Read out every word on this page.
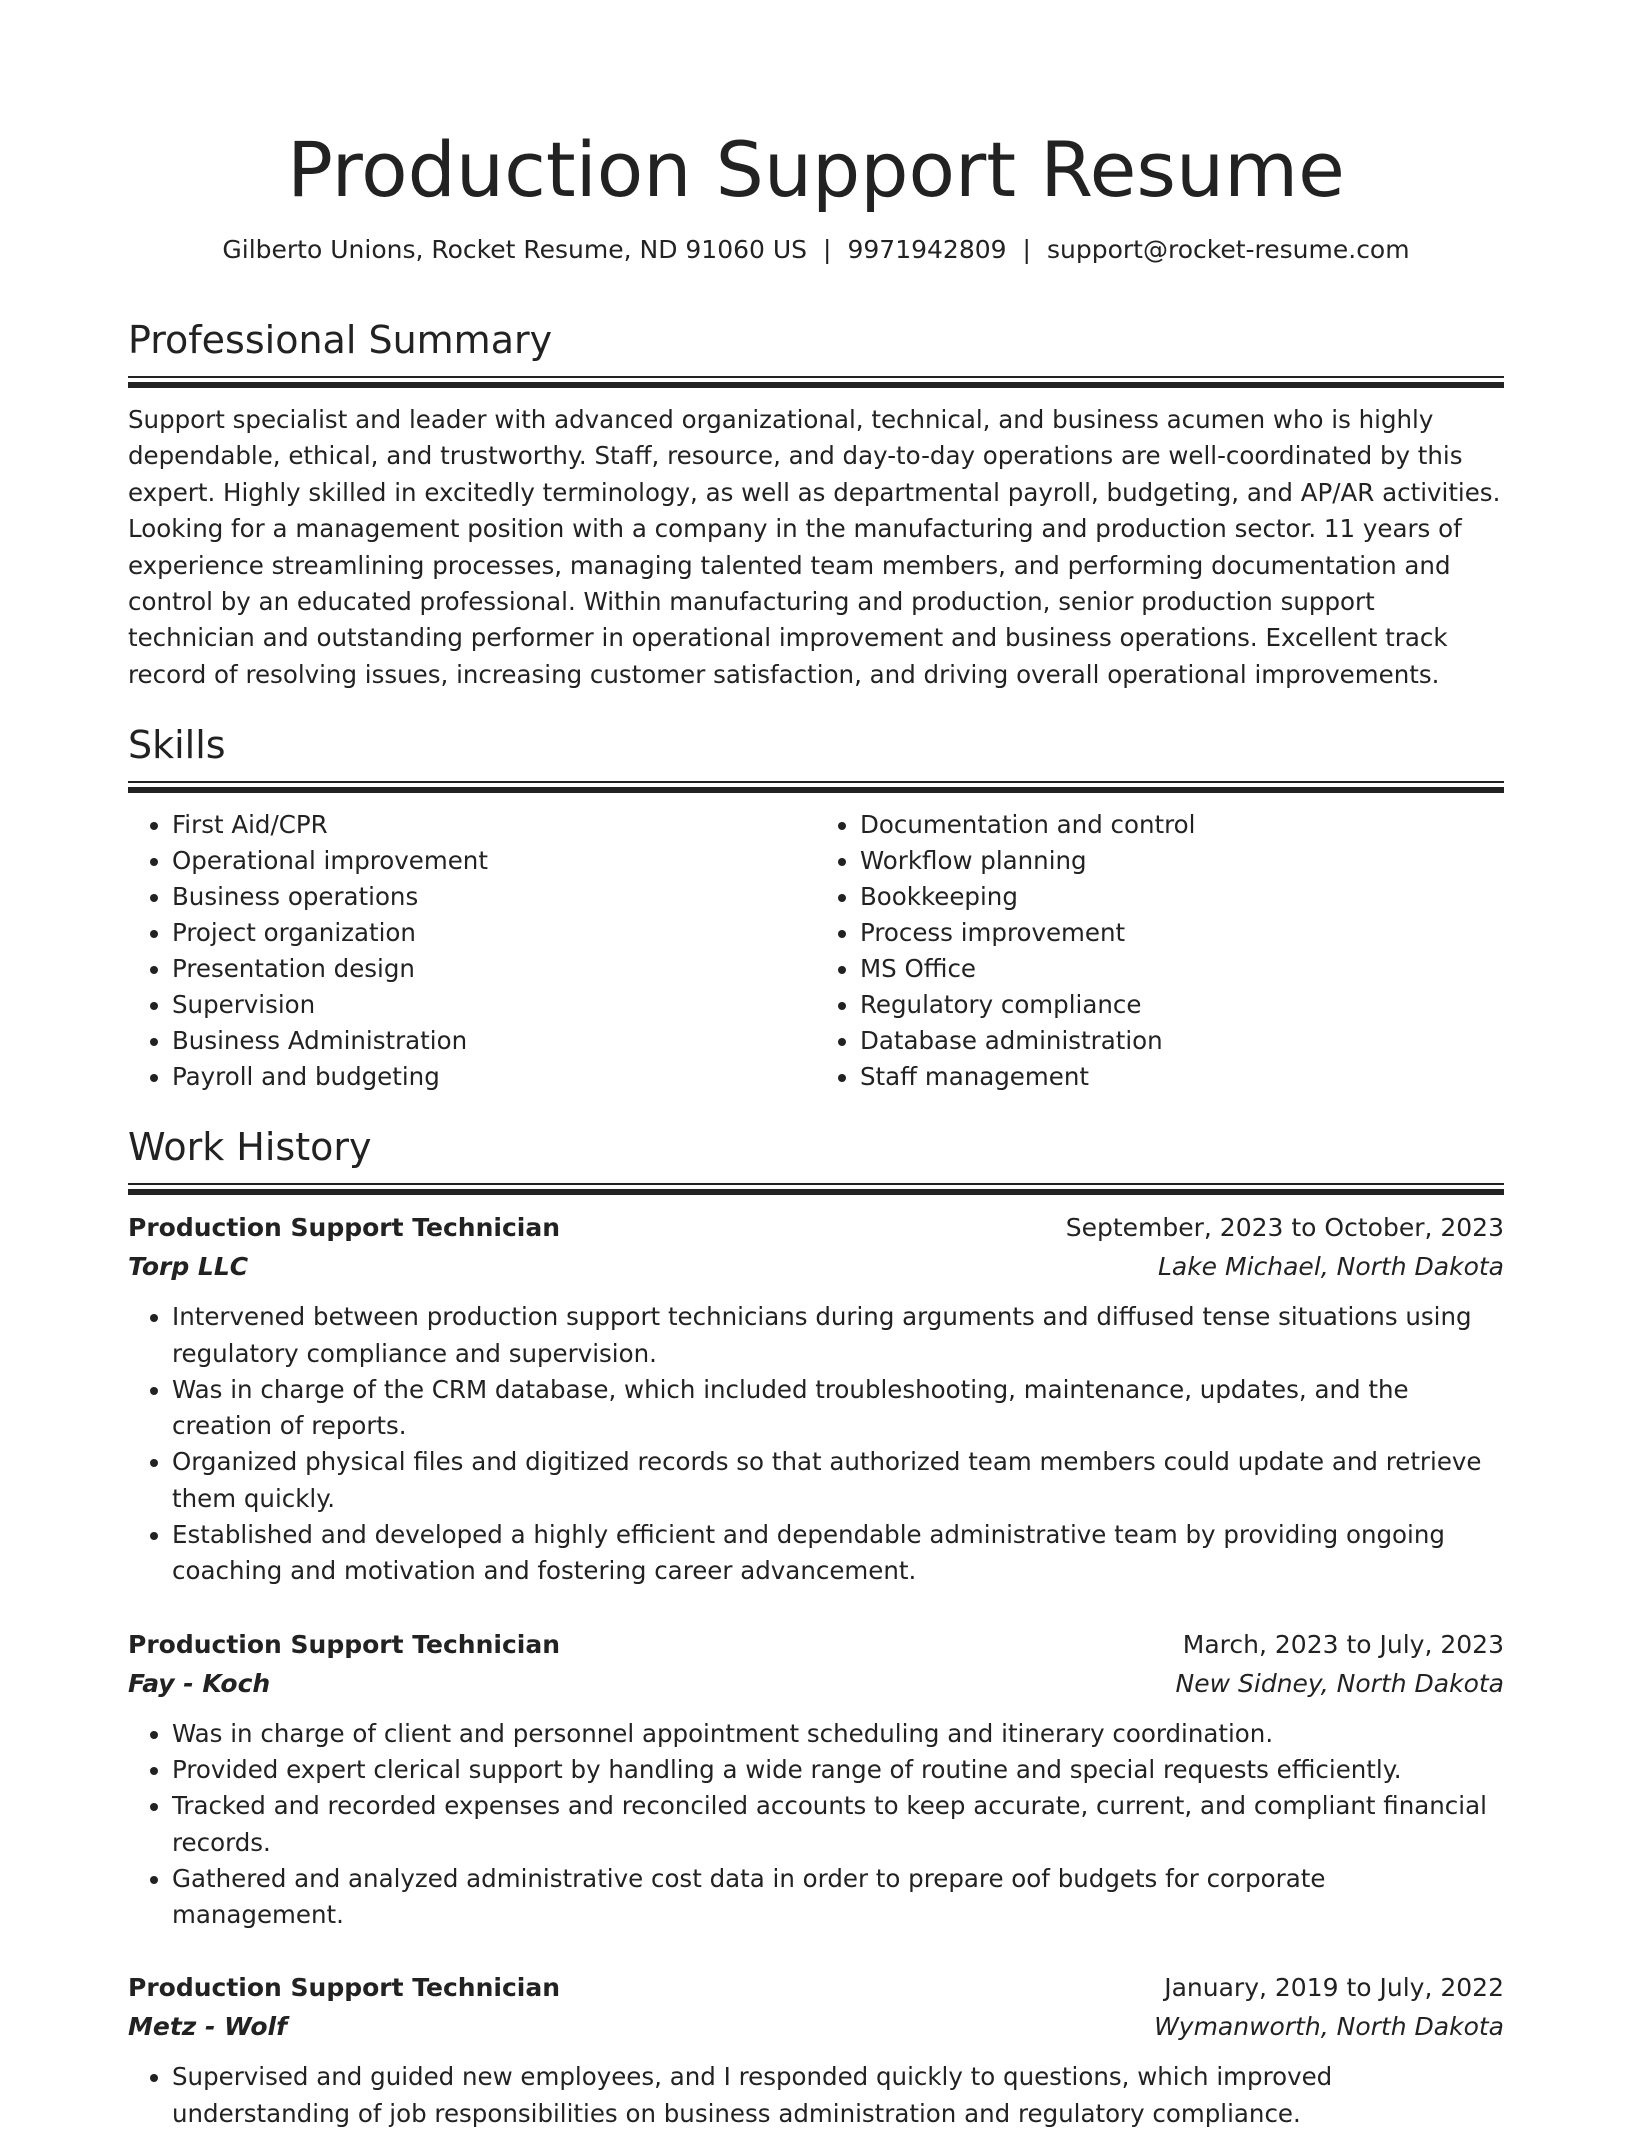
Production Support Resume
Gilberto Unions, Rocket Resume, ND 91060 US | 9971942809 | support@rocket-resume.com
Professional Summary

Support specialist and leader with advanced organizational, technical, and business acumen who is highly dependable, ethical, and trustworthy. Staff, resource, and day-to-day operations are well-coordinated by this expert. Highly skilled in excitedly terminology, as well as departmental payroll, budgeting, and AP/AR activities. Looking for a management position with a company in the manufacturing and production sector. 11 years of experience streamlining processes, managing talented team members, and performing documentation and control by an educated professional. Within manufacturing and production, senior production support technician and outstanding performer in operational improvement and business operations. Excellent track record of resolving issues, increasing customer satisfaction, and driving overall operational improvements.

Skills
• First Aid/CPR
• Operational improvement
• Business operations
• Project organization
• Presentation design
• Supervision
• Business Administration
• Payroll and budgeting
• Documentation and control
• Workflow planning
• Bookkeeping
• Process improvement
• MS Office
• Regulatory compliance
• Database administration
• Staff management
Work History
Production Support Technician	September, 2023 to October, 2023
Torp LLC	Lake Michael, North Dakota
• Intervened between production support technicians during arguments and diffused tense situations using regulatory compliance and supervision.
• Was in charge of the CRM database, which included troubleshooting, maintenance, updates, and the creation of reports.
• Organized physical files and digitized records so that authorized team members could update and retrieve them quickly.
• Established and developed a highly efficient and dependable administrative team by providing ongoing coaching and motivation and fostering career advancement.
Production Support Technician	March, 2023 to July, 2023
Fay - Koch	New Sidney, North Dakota
• Was in charge of client and personnel appointment scheduling and itinerary coordination.
• Provided expert clerical support by handling a wide range of routine and special requests efficiently.
• Tracked and recorded expenses and reconciled accounts to keep accurate, current, and compliant financial records.
• Gathered and analyzed administrative cost data in order to prepare oof budgets for corporate management.
Production Support Technician	January, 2019 to July, 2022
Metz - Wolf	Wymanworth, North Dakota
• Supervised and guided new employees, and I responded quickly to questions, which improved understanding of job responsibilities on business administration and regulatory compliance.
